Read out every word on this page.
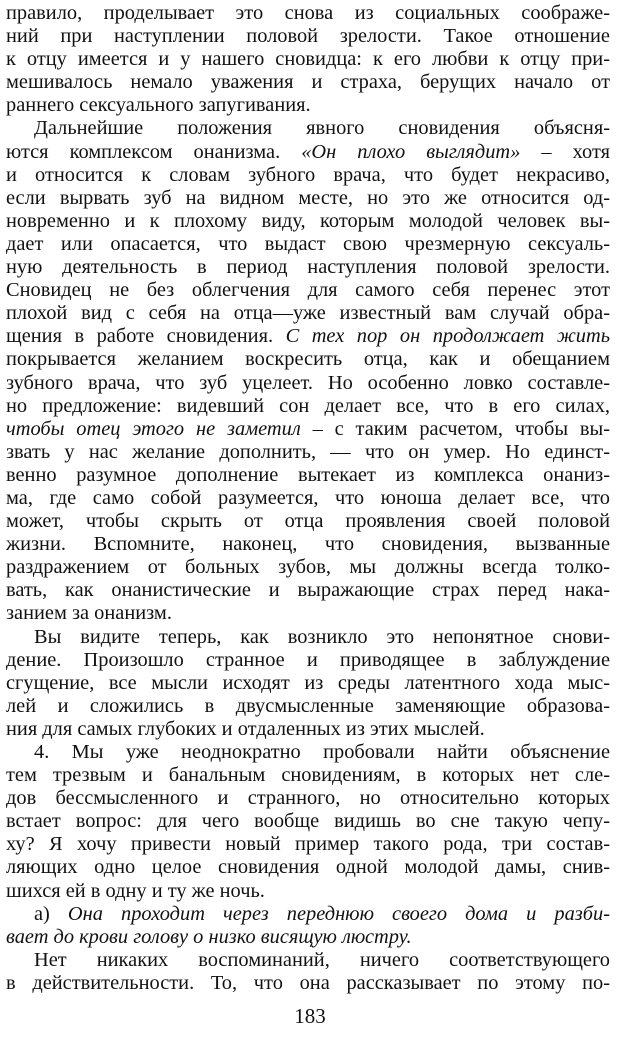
правило, проделывает это снова из социальных соображе-
ний при наступлении половой зрелости. Такое отношение
к отцу имеется и у нашего сновидца: к его любви к отцу при-
мешивалось немало уважения и страха, берущих начало от
раннего сексуального запугивания.
Дальнейшие положения явного сновидения объясня-
ются комплексом онанизма. «Он плохо выглядит» – хотя
и относится к словам зубного врача, что будет некрасиво,
если вырвать зуб на видном месте, но это же относится од-
новременно и к плохому виду, которым молодой человек вы-
дает или опасается, что выдаст свою чрезмерную сексуаль-
ную деятельность в период наступления половой зрелости.
Сновидец не без облегчения для самого себя перенес этот
плохой вид с себя на отца—уже известный вам случай обра-
щения в работе сновидения. С тех пор он продолжает жить
покрывается желанием воскресить отца, как и обещанием
зубного врача, что зуб уцелеет. Но особенно ловко составле-
но предложение: видевший сон делает все, что в его силах,
чтобы отец этого не заметил – с таким расчетом, чтобы вы-
звать у нас желание дополнить, — что он умер. Но единст-
венно разумное дополнение вытекает из комплекса онаниз-
ма, где само собой разумеется, что юноша делает все, что
может, чтобы скрыть от отца проявления своей половой
жизни. Вспомните, наконец, что сновидения, вызванные
раздражением от больных зубов, мы должны всегда толко-
вать, как онанистические и выражающие страх перед нака-
занием за онанизм.
Вы видите теперь, как возникло это непонятное снови-
дение. Произошло странное и приводящее в заблуждение
сгущение, все мысли исходят из среды латентного хода мыс-
лей и сложились в двусмысленные заменяющие образова-
ния для самых глубоких и отдаленных из этих мыслей.
4. Мы уже неоднократно пробовали найти объяснение
тем трезвым и банальным сновидениям, в которых нет сле-
дов бессмысленного и странного, но относительно которых
встает вопрос: для чего вообще видишь во сне такую чепу-
ху? Я хочу привести новый пример такого рода, три состав-
ляющих одно целое сновидения одной молодой дамы, снив-
шихся ей в одну и ту же ночь.
а) Она проходит через переднюю своего дома и разби-
вает до крови голову о низко висящую люстру.
Нет никаких воспоминаний, ничего соответствующего
в действительности. То, что она рассказывает по этому по-
183
